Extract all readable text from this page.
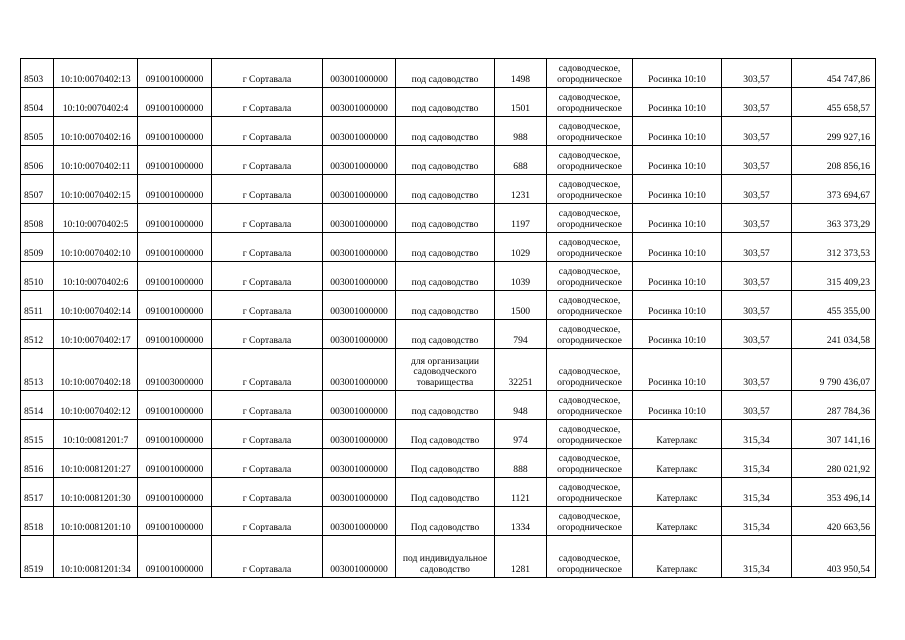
8503	10:10:0070402:13	091001000000	г Сортавала	003001000000	под садоводство	1498	садоводческое, огородническое	Росинка 10:10	303,57	454 747,86
8504	10:10:0070402:4	091001000000	г Сортавала	003001000000	под садоводство	1501	садоводческое, огородническое	Росинка 10:10	303,57	455 658,57
8505	10:10:0070402:16	091001000000	г Сортавала	003001000000	под садоводство	988	садоводческое, огородническое	Росинка 10:10	303,57	299 927,16
8506	10:10:0070402:11	091001000000	г Сортавала	003001000000	под садоводство	688	садоводческое, огородническое	Росинка 10:10	303,57	208 856,16
8507	10:10:0070402:15	091001000000	г Сортавала	003001000000	под садоводство	1231	садоводческое, огородническое	Росинка 10:10	303,57	373 694,67
8508	10:10:0070402:5	091001000000	г Сортавала	003001000000	под садоводство	1197	садоводческое, огородническое	Росинка 10:10	303,57	363 373,29
8509	10:10:0070402:10	091001000000	г Сортавала	003001000000	под садоводство	1029	садоводческое, огородническое	Росинка 10:10	303,57	312 373,53
8510	10:10:0070402:6	091001000000	г Сортавала	003001000000	под садоводство	1039	садоводческое, огородническое	Росинка 10:10	303,57	315 409,23
8511	10:10:0070402:14	091001000000	г Сортавала	003001000000	под садоводство	1500	садоводческое, огородническое	Росинка 10:10	303,57	455 355,00
8512	10:10:0070402:17	091001000000	г Сортавала	003001000000	под садоводство	794	садоводческое, огородническое	Росинка 10:10	303,57	241 034,58
8513	10:10:0070402:18	091003000000	г Сортавала	003001000000	для организации садоводческого товарищества	32251	садоводческое, огородническое	Росинка 10:10	303,57	9 790 436,07
8514	10:10:0070402:12	091001000000	г Сортавала	003001000000	под садоводство	948	садоводческое, огородническое	Росинка 10:10	303,57	287 784,36
8515	10:10:0081201:7	091001000000	г Сортавала	003001000000	Под садоводство	974	садоводческое, огородническое	Катерлакс	315,34	307 141,16
8516	10:10:0081201:27	091001000000	г Сортавала	003001000000	Под садоводство	888	садоводческое, огородническое	Катерлакс	315,34	280 021,92
8517	10:10:0081201:30	091001000000	г Сортавала	003001000000	Под садоводство	1121	садоводческое, огородническое	Катерлакс	315,34	353 496,14
8518	10:10:0081201:10	091001000000	г Сортавала	003001000000	Под садоводство	1334	садоводческое, огородническое	Катерлакс	315,34	420 663,56
8519	10:10:0081201:34	091001000000	г Сортавала	003001000000	под индивидуальное садоводство	1281	садоводческое, огородническое	Катерлакс	315,34	403 950,54
